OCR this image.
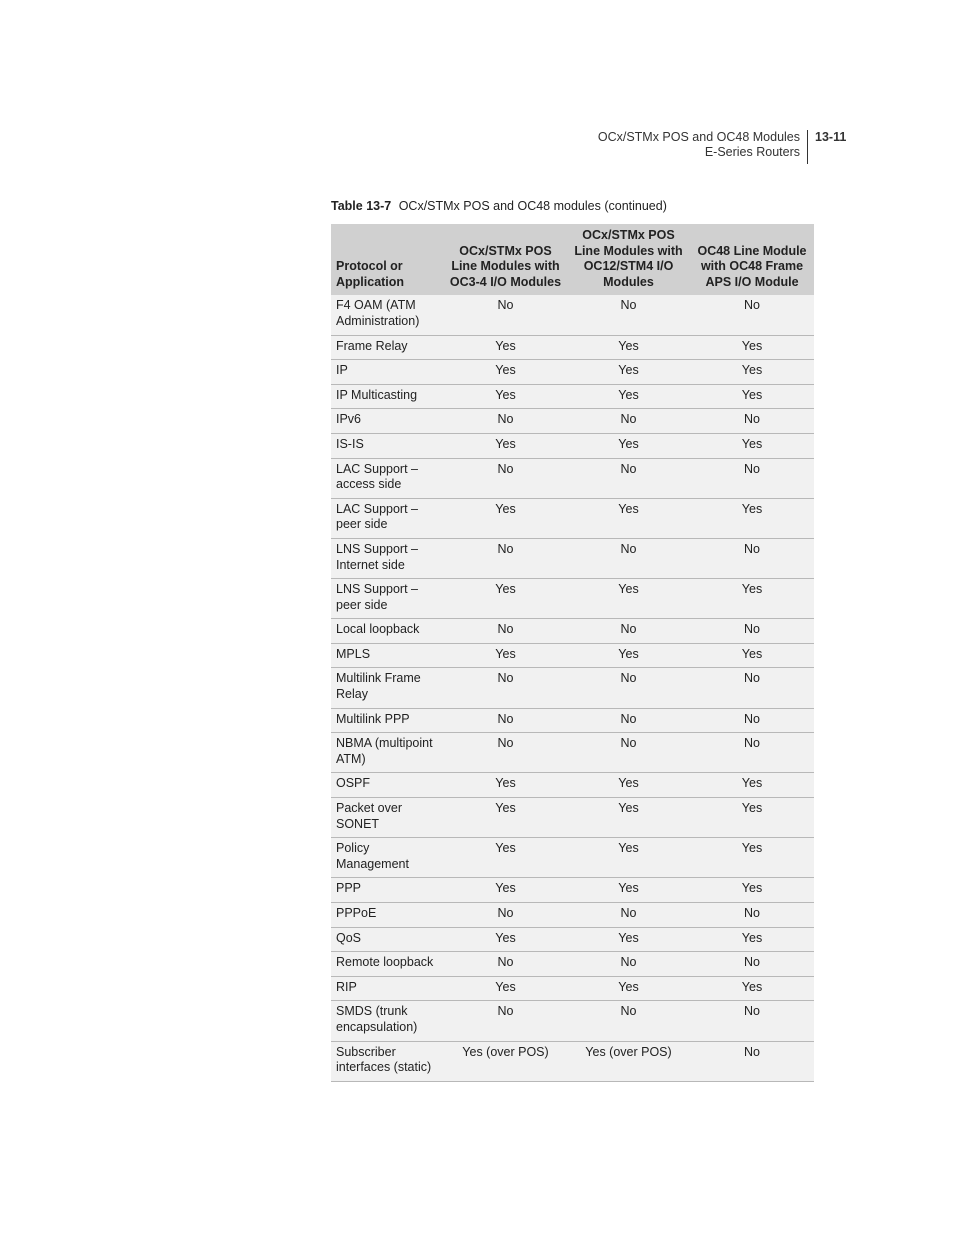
OCx/STMx POS and OC48 Modules
E-Series Routers
13-11
Table 13-7 OCx/STMx POS and OC48 modules (continued)
Protocol or Application	OCx/STMx POS Line Modules with OC3-4 I/O Modules	OCx/STMx POS Line Modules with OC12/STM4 I/O Modules	OC48 Line Module with OC48 Frame APS I/O Module
F4 OAM (ATM Administration)	No	No	No
Frame Relay	Yes	Yes	Yes
IP	Yes	Yes	Yes
IP Multicasting	Yes	Yes	Yes
IPv6	No	No	No
IS-IS	Yes	Yes	Yes
LAC Support – access side	No	No	No
LAC Support – peer side	Yes	Yes	Yes
LNS Support – Internet side	No	No	No
LNS Support – peer side	Yes	Yes	Yes
Local loopback	No	No	No
MPLS	Yes	Yes	Yes
Multilink Frame Relay	No	No	No
Multilink PPP	No	No	No
NBMA (multipoint ATM)	No	No	No
OSPF	Yes	Yes	Yes
Packet over SONET	Yes	Yes	Yes
Policy Management	Yes	Yes	Yes
PPP	Yes	Yes	Yes
PPPoE	No	No	No
QoS	Yes	Yes	Yes
Remote loopback	No	No	No
RIP	Yes	Yes	Yes
SMDS (trunk encapsulation)	No	No	No
Subscriber interfaces (static)	Yes (over POS)	Yes (over POS)	No
